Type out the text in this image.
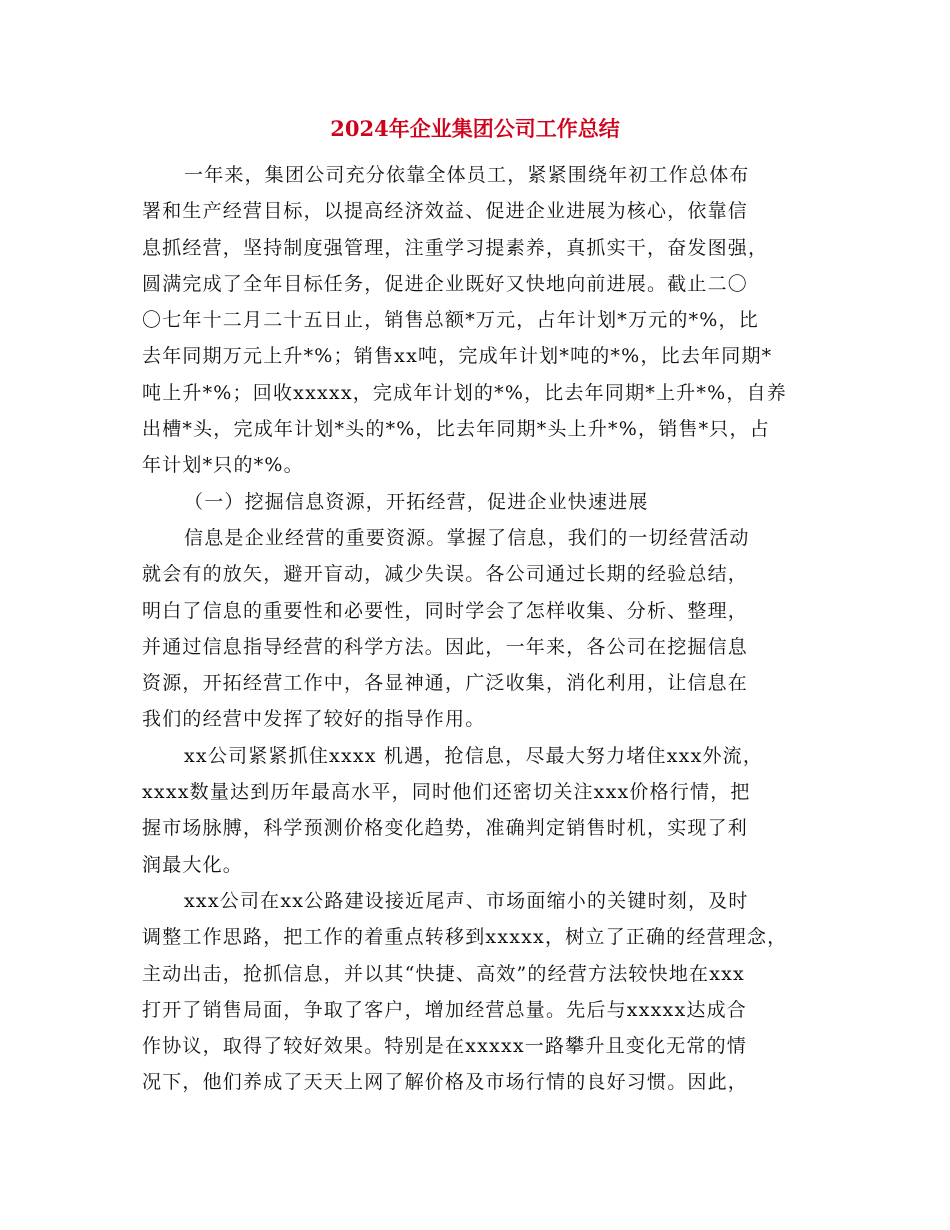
2024年企业集团公司工作总结
一年来，集团公司充分依靠全体员工，紧紧围绕年初工作总体布
署和生产经营目标，以提高经济效益、促进企业进展为核心，依靠信
息抓经营，坚持制度强管理，注重学习提素养，真抓实干，奋发图强，
圆满完成了全年目标任务，促进企业既好又快地向前进展。截止二〇
〇七年十二月二十五日止，销售总额*万元，占年计划*万元的*%，比
去年同期万元上升*%；销售xx吨，完成年计划*吨的*%，比去年同期*
吨上升*%；回收xxxxx，完成年计划的*%，比去年同期*上升*%，自养
出槽*头，完成年计划*头的*%，比去年同期*头上升*%，销售*只，占
年计划*只的*%。
（一）挖掘信息资源，开拓经营，促进企业快速进展
信息是企业经营的重要资源。掌握了信息，我们的一切经营活动
就会有的放矢，避开盲动，减少失误。各公司通过长期的经验总结，
明白了信息的重要性和必要性，同时学会了怎样收集、分析、整理，
并通过信息指导经营的科学方法。因此，一年来，各公司在挖掘信息
资源，开拓经营工作中，各显神通，广泛收集，消化利用，让信息在
我们的经营中发挥了较好的指导作用。
xx公司紧紧抓住xxxx 机遇，抢信息，尽最大努力堵住xxx外流，
xxxx数量达到历年最高水平，同时他们还密切关注xxx价格行情，把
握市场脉膊，科学预测价格变化趋势，准确判定销售时机，实现了利
润最大化。
xxx公司在xx公路建设接近尾声、市场面缩小的关键时刻，及时
调整工作思路，把工作的着重点转移到xxxxx，树立了正确的经营理念，
主动出击，抢抓信息，并以其“快捷、高效”的经营方法较快地在xxx
打开了销售局面，争取了客户，增加经营总量。先后与xxxxx达成合
作协议，取得了较好效果。特别是在xxxxx一路攀升且变化无常的情
况下，他们养成了天天上网了解价格及市场行情的良好习惯。因此，
